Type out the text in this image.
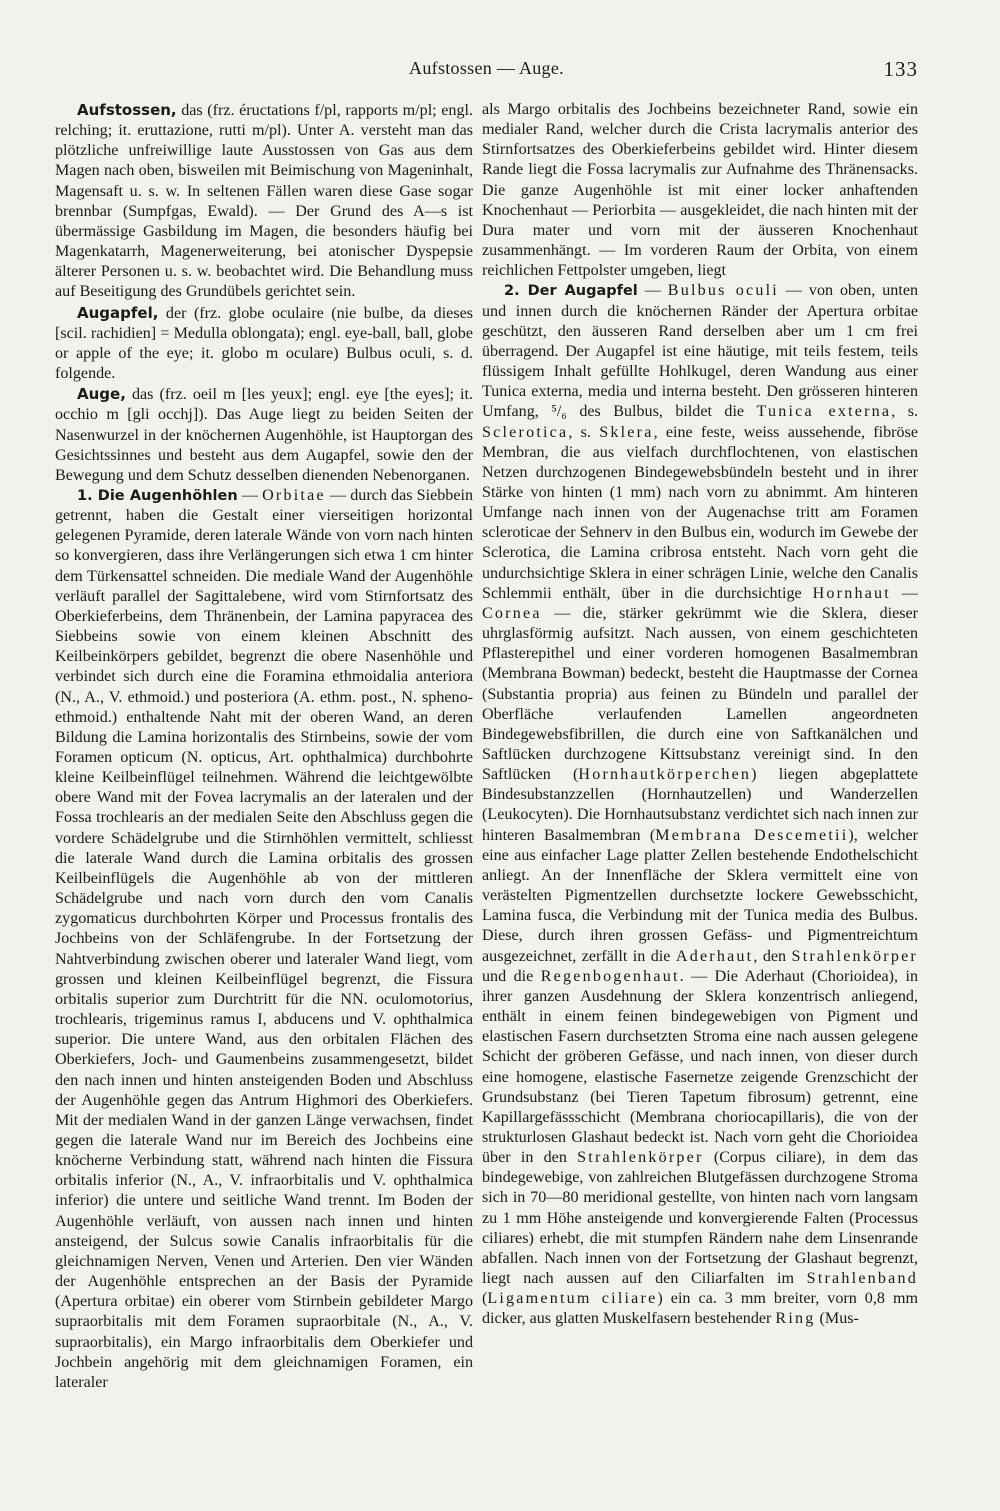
Aufstossen — Auge.	133

Aufstossen, das (frz. éructations f/pl, rapports m/pl; engl. relching; it. eruttazione, rutti m/pl). Unter A. versteht man das plötzliche unfreiwillige laute Ausstossen von Gas aus dem Magen nach oben, bisweilen mit Beimischung von Mageninhalt, Magensaft u. s. w. In seltenen Fällen waren diese Gase sogar brennbar (Sumpfgas, Ewald). — Der Grund des A—s ist übermässige Gasbildung im Magen, die besonders häufig bei Magenkatarrh, Magenerweiterung, bei atonischer Dyspepsie älterer Personen u. s. w. beobachtet wird. Die Behandlung muss auf Beseitigung des Grundübels gerichtet sein.

Augapfel, der (frz. globe oculaire (nie bulbe, da dieses [scil. rachidien] = Medulla oblongata); engl. eye-ball, ball, globe or apple of the eye; it. globo m oculare) Bulbus oculi, s. d. folgende.

Auge, das (frz. oeil m [les yeux]; engl. eye [the eyes]; it. occhio m [gli occhj]). Das Auge liegt zu beiden Seiten der Nasenwurzel in der knöchernen Augenhöhle, ist Hauptorgan des Gesichtssinnes und besteht aus dem Augapfel, sowie den der Bewegung und dem Schutz desselben dienenden Nebenorganen.

1. Die Augenhöhlen — Orbitae — durch das Siebbein getrennt, haben die Gestalt einer vierseitigen horizontal gelegenen Pyramide, deren laterale Wände von vorn nach hinten so konvergieren, dass ihre Verlängerungen sich etwa 1 cm hinter dem Türkensattel schneiden. Die mediale Wand der Augenhöhle verläuft parallel der Sagittalebene, wird vom Stirnfortsatz des Oberkieferbeins, dem Thränenbein, der Lamina papyracea des Siebbeins sowie von einem kleinen Abschnitt des Keilbeinkörpers gebildet, begrenzt die obere Nasenhöhle und verbindet sich durch eine die Foramina ethmoidalia anteriora (N., A., V. ethmoid.) und posteriora (A. ethm. post., N. spheno-ethmoid.) enthaltende Naht mit der oberen Wand, an deren Bildung die Lamina horizontalis des Stirnbeins, sowie der vom Foramen opticum (N. opticus, Art. ophthalmica) durchbohrte kleine Keilbeinflügel teilnehmen. Während die leichtgewölbte obere Wand mit der Fovea lacrymalis an der lateralen und der Fossa trochlearis an der medialen Seite den Abschluss gegen die vordere Schädelgrube und die Stirnhöhlen vermittelt, schliesst die laterale Wand durch die Lamina orbitalis des grossen Keilbeinflügels die Augenhöhle ab von der mittleren Schädelgrube und nach vorn durch den vom Canalis zygomaticus durchbohrten Körper und Processus frontalis des Jochbeins von der Schläfengrube. In der Fortsetzung der Nahtverbindung zwischen oberer und lateraler Wand liegt, vom grossen und kleinen Keilbeinflügel begrenzt, die Fissura orbitalis superior zum Durchtritt für die NN. oculomotorius, trochlearis, trigeminus ramus I, abducens und V. ophthalmica superior. Die untere Wand, aus den orbitalen Flächen des Oberkiefers, Joch- und Gaumenbeins zusammengesetzt, bildet den nach innen und hinten ansteigenden Boden und Abschluss der Augenhöhle gegen das Antrum Highmori des Oberkiefers. Mit der medialen Wand in der ganzen Länge verwachsen, findet gegen die laterale Wand nur im Bereich des Jochbeins eine knöcherne Verbindung statt, während nach hinten die Fissura orbitalis inferior (N., A., V. infraorbitalis und V. ophthalmica inferior) die untere und seitliche Wand trennt. Im Boden der Augenhöhle verläuft, von aussen nach innen und hinten ansteigend, der Sulcus sowie Canalis infraorbitalis für die gleichnamigen Nerven, Venen und Arterien. Den vier Wänden der Augenhöhle entsprechen an der Basis der Pyramide (Apertura orbitae) ein oberer vom Stirnbein gebildeter Margo supraorbitalis mit dem Foramen supraorbitale (N., A., V. supraorbitalis), ein Margo infraorbitalis dem Oberkiefer und Jochbein angehörig mit dem gleichnamigen Foramen, ein lateraler

als Margo orbitalis des Jochbeins bezeichneter Rand, sowie ein medialer Rand, welcher durch die Crista lacrymalis anterior des Stirnfortsatzes des Oberkieferbeins gebildet wird. Hinter diesem Rande liegt die Fossa lacrymalis zur Aufnahme des Thränensacks. Die ganze Augenhöhle ist mit einer locker anhaftenden Knochenhaut — Periorbita — ausgekleidet, die nach hinten mit der Dura mater und vorn mit der äusseren Knochenhaut zusammenhängt. — Im vorderen Raum der Orbita, von einem reichlichen Fettpolster umgeben, liegt

2. Der Augapfel — Bulbus oculi — von oben, unten und innen durch die knöchernen Ränder der Apertura orbitae geschützt, den äusseren Rand derselben aber um 1 cm frei überragend. Der Augapfel ist eine häutige, mit teils festem, teils flüssigem Inhalt gefüllte Hohlkugel, deren Wandung aus einer Tunica externa, media und interna besteht. Den grösseren hinteren Umfang, ⁵/₆ des Bulbus, bildet die Tunica externa, s. Sclerotica, s. Sklera, eine feste, weiss aussehende, fibröse Membran, die aus vielfach durchflochtenen, von elastischen Netzen durchzogenen Bindegewebsbündeln besteht und in ihrer Stärke von hinten (1 mm) nach vorn zu abnimmt. Am hinteren Umfange nach innen von der Augenachse tritt am Foramen scleroticae der Sehnerv in den Bulbus ein, wodurch im Gewebe der Sclerotica, die Lamina cribrosa entsteht. Nach vorn geht die undurchsichtige Sklera in einer schrägen Linie, welche den Canalis Schlemmii enthält, über in die durchsichtige Hornhaut — Cornea — die, stärker gekrümmt wie die Sklera, dieser uhrglasförmig aufsitzt. Nach aussen, von einem geschichteten Pflasterepithel und einer vorderen homogenen Basalmembran (Membrana Bowman) bedeckt, besteht die Hauptmasse der Cornea (Substantia propria) aus feinen zu Bündeln und parallel der Oberfläche verlaufenden Lamellen angeordneten Bindegewebsfibrillen, die durch eine von Saftkanälchen und Saftlücken durchzogene Kittsubstanz vereinigt sind. In den Saftlücken (Hornhautkörperchen) liegen abgeplattete Bindesubstanzzellen (Hornhautzellen) und Wanderzellen (Leukocyten). Die Hornhautsubstanz verdichtet sich nach innen zur hinteren Basalmembran (Membrana Descemetii), welcher eine aus einfacher Lage platter Zellen bestehende Endothelschicht anliegt. An der Innenfläche der Sklera vermittelt eine von verästelten Pigmentzellen durchsetzte lockere Gewebsschicht, Lamina fusca, die Verbindung mit der Tunica media des Bulbus. Diese, durch ihren grossen Gefäss- und Pigmentreichtum ausgezeichnet, zerfällt in die Aderhaut, den Strahlenkörper und die Regenbogenhaut. — Die Aderhaut (Chorioidea), in ihrer ganzen Ausdehnung der Sklera konzentrisch anliegend, enthält in einem feinen bindegewebigen von Pigment und elastischen Fasern durchsetzten Stroma eine nach aussen gelegene Schicht der gröberen Gefässe, und nach innen, von dieser durch eine homogene, elastische Fasernetze zeigende Grenzschicht der Grundsubstanz (bei Tieren Tapetum fibrosum) getrennt, eine Kapillargefässschicht (Membrana choriocapillaris), die von der strukturlosen Glashaut bedeckt ist. Nach vorn geht die Chorioidea über in den Strahlenkörper (Corpus ciliare), in dem das bindegewebige, von zahlreichen Blutgefässen durchzogene Stroma sich in 70—80 meridional gestellte, von hinten nach vorn langsam zu 1 mm Höhe ansteigende und konvergierende Falten (Processus ciliares) erhebt, die mit stumpfen Rändern nahe dem Linsenrande abfallen. Nach innen von der Fortsetzung der Glashaut begrenzt, liegt nach aussen auf den Ciliarfalten im Strahlenband (Ligamentum ciliare) ein ca. 3 mm breiter, vorn 0,8 mm dicker, aus glatten Muskelfasern bestehender Ring (Mus-
